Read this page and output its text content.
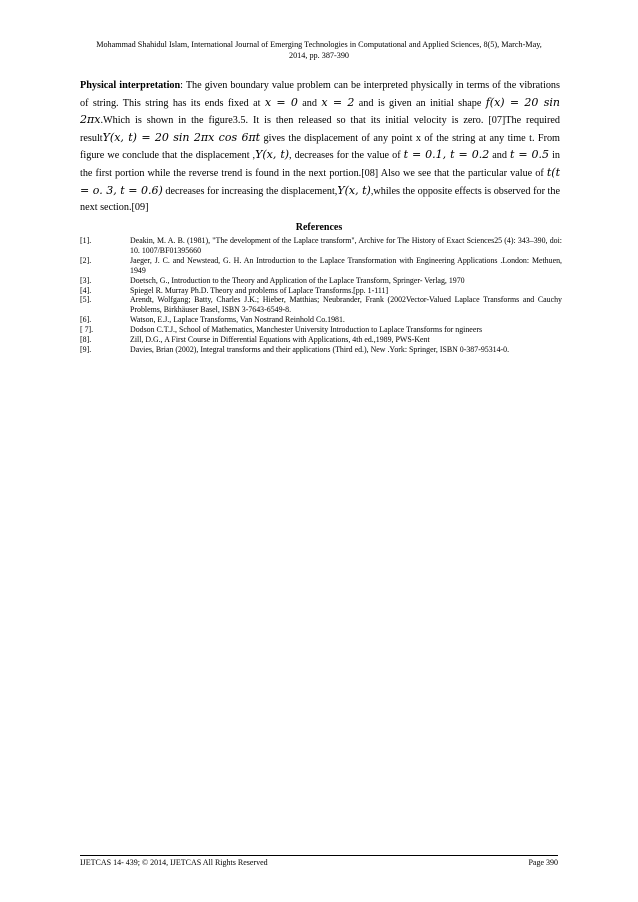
Mohammad Shahidul Islam, International Journal of Emerging Technologies in Computational and Applied Sciences, 8(5), March-May,
2014, pp. 387-390
Physical interpretation: The given boundary value problem can be interpreted physically in terms of the vibrations of string. This string has its ends fixed at x = 0 and x = 2 and is given an initial shape f(x) = 20 sin 2πx.Which is shown in the figure3.5. It is then released so that its initial velocity is zero. [07]The required resultY(x, t) = 20 sin 2πx cos 6πt gives the displacement of any point x of the string at any time t. From figure we conclude that the displacement ,Y(x, t), decreases for the value of t = 0.1, t = 0.2 and t = 0.5 in the first portion while the reverse trend is found in the next portion.[08] Also we see that the particular value of t(t = o. 3, t = 0.6) decreases for increasing the displacement,Y(x, t),whiles the opposite effects is observed for the next section.[09]
References
[1].	Deakin, M. A. B. (1981), "The development of the Laplace transform", Archive for The History of Exact Sciences25 (4): 343–390, doi: 10. 1007/BF01395660
[2].	Jaeger, J. C. and Newstead, G. H. An Introduction to the Laplace Transformation with Engineering Applications .London: Methuen, 1949
[3].	Doetsch, G., Introduction to the Theory and Application of the Laplace Transform, Springer- Verlag, 1970
[4].	Spiegel R. Murray Ph.D. Theory and problems of Laplace Transforms.[pp. 1-111]
[5].	Arendt, Wolfgang; Batty, Charles J.K.; Hieber, Matthias; Neubrander, Frank (2002Vector-Valued Laplace Transforms and Cauchy Problems, Birkhäuser Basel, ISBN 3-7643-6549-8.
[6].	Watson, E.J., Laplace Transforms, Van Nostrand Reinhold Co.1981.
[ 7].	Dodson C.T.J., School of Mathematics, Manchester University Introduction to Laplace Transforms for ngineers
[8].	Zill, D.G., A First Course in Differential Equations with Applications, 4th ed.,1989, PWS-Kent
[9].	Davies, Brian (2002), Integral transforms and their applications (Third ed.), New .York: Springer, ISBN 0-387-95314-0.
IJETCAS 14- 439; © 2014, IJETCAS All Rights Reserved	Page 390
